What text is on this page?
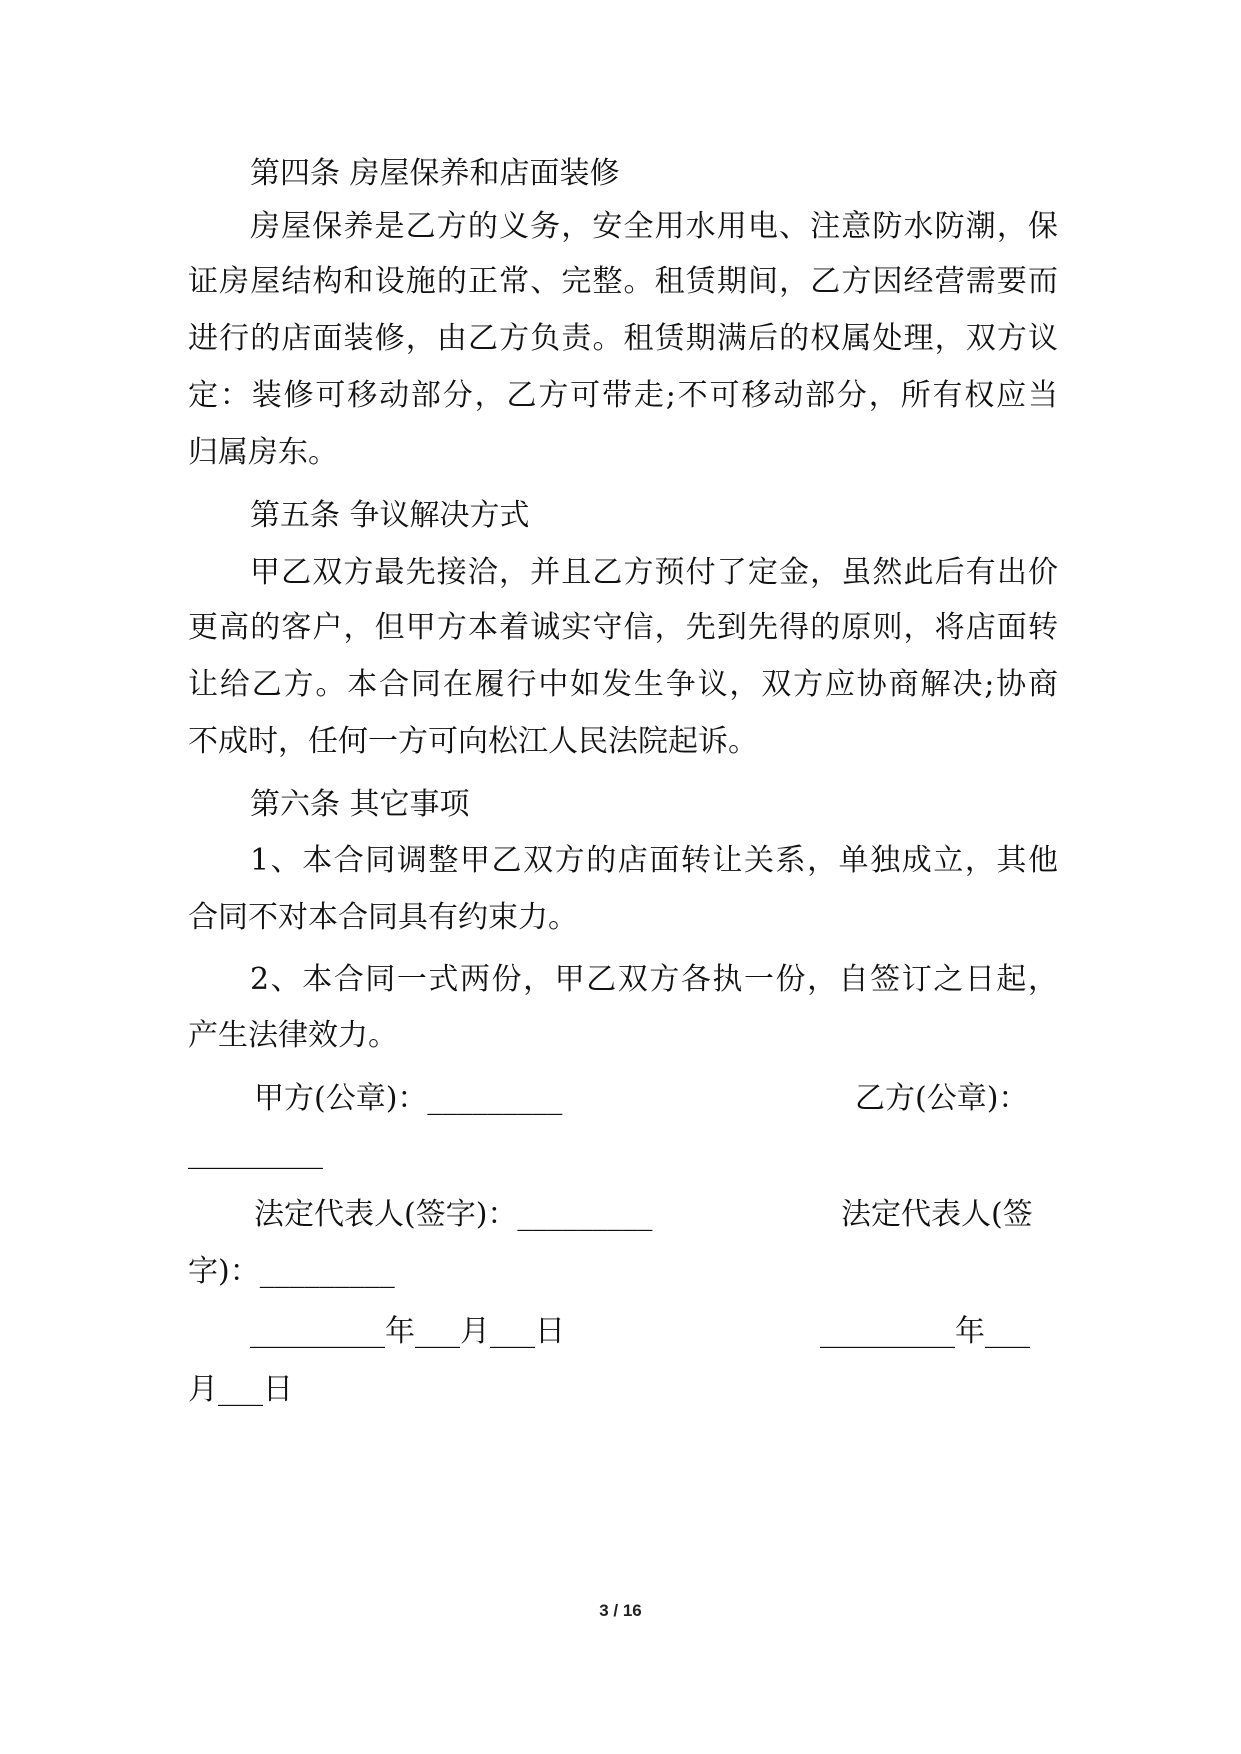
第四条 房屋保养和店面装修
房屋保养是乙方的义务，安全用水用电、注意防水防潮，保
证房屋结构和设施的正常、完整。租赁期间，乙方因经营需要而
进行的店面装修，由乙方负责。租赁期满后的权属处理，双方议
定：装修可移动部分，乙方可带走;不可移动部分，所有权应当
归属房东。
第五条 争议解决方式
甲乙双方最先接洽，并且乙方预付了定金，虽然此后有出价
更高的客户，但甲方本着诚实守信，先到先得的原则，将店面转
让给乙方。本合同在履行中如发生争议，双方应协商解决;协商
不成时，任何一方可向松江人民法院起诉。
第六条 其它事项
1、本合同调整甲乙双方的店面转让关系，单独成立，其他
合同不对本合同具有约束力。
2、本合同一式两份，甲乙双方各执一份，自签订之日起，
产生法律效力。
甲方(公章)：_________	乙方(公章)：
_________
法定代表人(签字)：_________	法定代表人(签
字)：_________
_________年___月___日	_________年___
月___日
3 / 16
